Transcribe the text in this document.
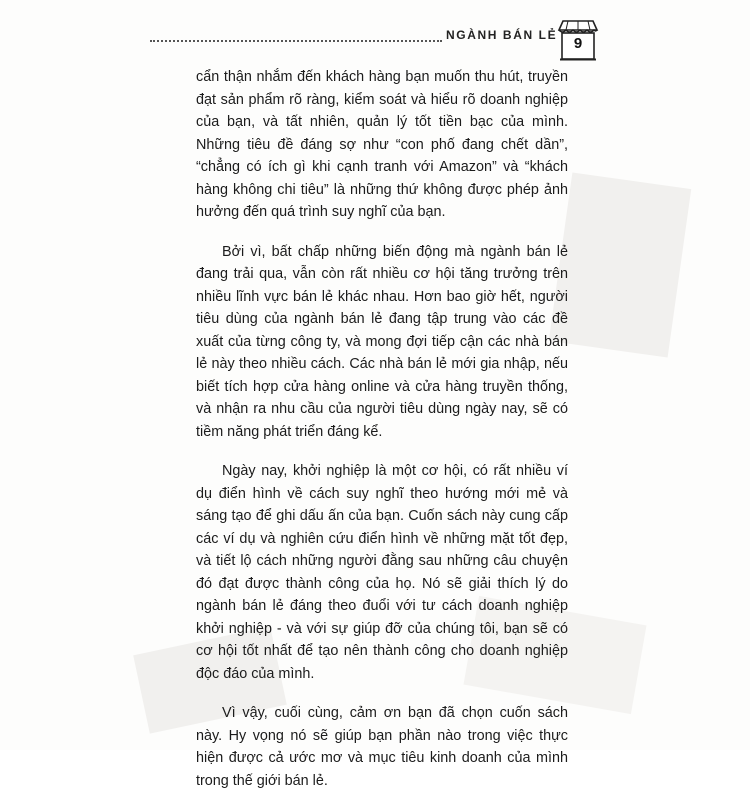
NGÀNH BÁN LẺ	9

cẩn thận nhắm đến khách hàng bạn muốn thu hút, truyền đạt sản phẩm rõ ràng, kiểm soát và hiểu rõ doanh nghiệp của bạn, và tất nhiên, quản lý tốt tiền bạc của mình. Những tiêu đề đáng sợ như “con phố đang chết dần”, “chẳng có ích gì khi cạnh tranh với Amazon” và “khách hàng không chi tiêu” là những thứ không được phép ảnh hưởng đến quá trình suy nghĩ của bạn.

Bởi vì, bất chấp những biến động mà ngành bán lẻ đang trải qua, vẫn còn rất nhiều cơ hội tăng trưởng trên nhiều lĩnh vực bán lẻ khác nhau. Hơn bao giờ hết, người tiêu dùng của ngành bán lẻ đang tập trung vào các đề xuất của từng công ty, và mong đợi tiếp cận các nhà bán lẻ này theo nhiều cách. Các nhà bán lẻ mới gia nhập, nếu biết tích hợp cửa hàng online và cửa hàng truyền thống, và nhận ra nhu cầu của người tiêu dùng ngày nay, sẽ có tiềm năng phát triển đáng kể.

Ngày nay, khởi nghiệp là một cơ hội, có rất nhiều ví dụ điển hình về cách suy nghĩ theo hướng mới mẻ và sáng tạo để ghi dấu ấn của bạn. Cuốn sách này cung cấp các ví dụ và nghiên cứu điển hình về những mặt tốt đẹp, và tiết lộ cách những người đằng sau những câu chuyện đó đạt được thành công của họ. Nó sẽ giải thích lý do ngành bán lẻ đáng theo đuổi với tư cách doanh nghiệp khởi nghiệp - và với sự giúp đỡ của chúng tôi, bạn sẽ có cơ hội tốt nhất để tạo nên thành công cho doanh nghiệp độc đáo của mình.

Vì vậy, cuối cùng, cảm ơn bạn đã chọn cuốn sách này. Hy vọng nó sẽ giúp bạn phần nào trong việc thực hiện được cả ước mơ và mục tiêu kinh doanh của mình trong thế giới bán lẻ.
